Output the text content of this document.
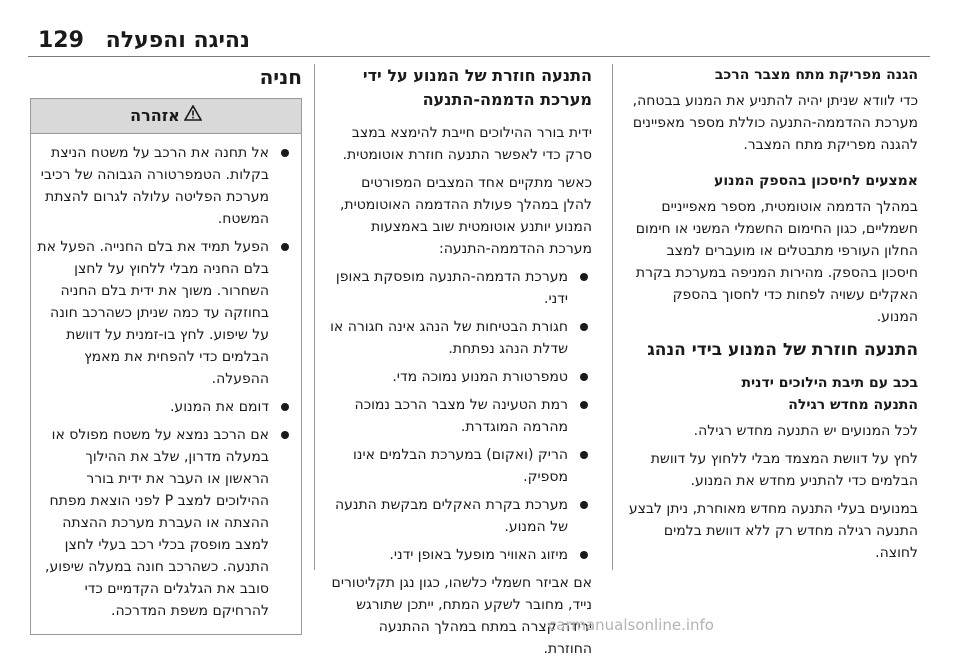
129 נהיגה והפעלה

הגנה מפריקת מתח מצבר הרכב

כדי לוודא שניתן יהיה להתניע את המנוע בבטחה, מערכת ההדממה-התנעה כוללת מספר מאפיינים להגנה מפריקת מתח המצבר.

אמצעים לחיסכון בהספק המנוע

במהלך הדממה אוטומטית, מספר מאפייניים חשמליים, כגון החימום החשמלי המשני או חימום החלון העורפי מתבטלים או מועברים למצב חיסכון בהספק. מהירות המניפה במערכת בקרת האקלים עשויה לפחות כדי לחסוך בהספק המנוע.

התנעה חוזרת של המנוע בידי הנהג

בכב עם תיבת הילוכים ידנית

התנעה מחדש רגילה

לכל המנועים יש התנעה מחדש רגילה.

לחץ על דוושת המצמד מבלי ללחוץ על דוושת הבלמים כדי להתניע מחדש את המנוע.

במנועים בעלי התנעה מחדש מאוחרת, ניתן לבצע התנעה רגילה מחדש רק ללא דוושת בלמים לחוצה.

התנעה חוזרת של המנוע על ידי מערכת הדממה-התנעה

ידית בורר ההילוכים חייבת להימצא במצב סרק כדי לאפשר התנעה חוזרת אוטומטית.

כאשר מתקיים אחד המצבים המפורטים להלן במהלך פעולת ההדממה האוטומטית, המנוע יותנע אוטומטית שוב באמצעות מערכת ההדממה-התנעה:

מערכת הדממה-התנעה מופסקת באופן ידני.
חגורת הבטיחות של הנהג אינה חגורה או שדלת הנהג נפתחת.
טמפרטורת המנוע נמוכה מדי.
רמת הטעינה של מצבר הרכב נמוכה מהרמה המוגדרת.
הריק (ואקום) במערכת הבלמים אינו מספיק.
מערכת בקרת האקלים מבקשת התנעה של המנוע.
מיזוג האוויר מופעל באופן ידני.

אם אביזר חשמלי כלשהו, כגון נגן תקליטורים נייד, מחובר לשקע המתח, ייתכן שתורגש ירידה קצרה במתח במהלך ההתנעה החוזרת.

חניה

אזהרה
אל תחנה את הרכב על משטח הניצת בקלות. הטמפרטורה הגבוהה של רכיבי מערכת הפליטה עלולה לגרום להצתת המשטח.
הפעל תמיד את בלם החנייה. הפעל את בלם החניה מבלי ללחוץ על לחצן השחרור. משוך את ידית בלם החניה בחוזקה עד כמה שניתן כשהרכב חונה על שיפוע. לחץ בו-זמנית על דוושת הבלמים כדי להפחית את מאמץ ההפעלה.
דומם את המנוע.
אם הרכב נמצא על משטח מפולס או במעלה מדרון, שלב את ההילוך הראשון או העבר את ידית בורר ההילוכים למצב P לפני הוצאת מפתח ההצתה או העברת מערכת ההצתה למצב מופסק בכלי רכב בעלי לחצן התנעה. כשהרכב חונה במעלה שיפוע, סובב את הגלגלים הקדמיים כדי להרחיקם משפת המדרכה.
carmanualsonline.info
